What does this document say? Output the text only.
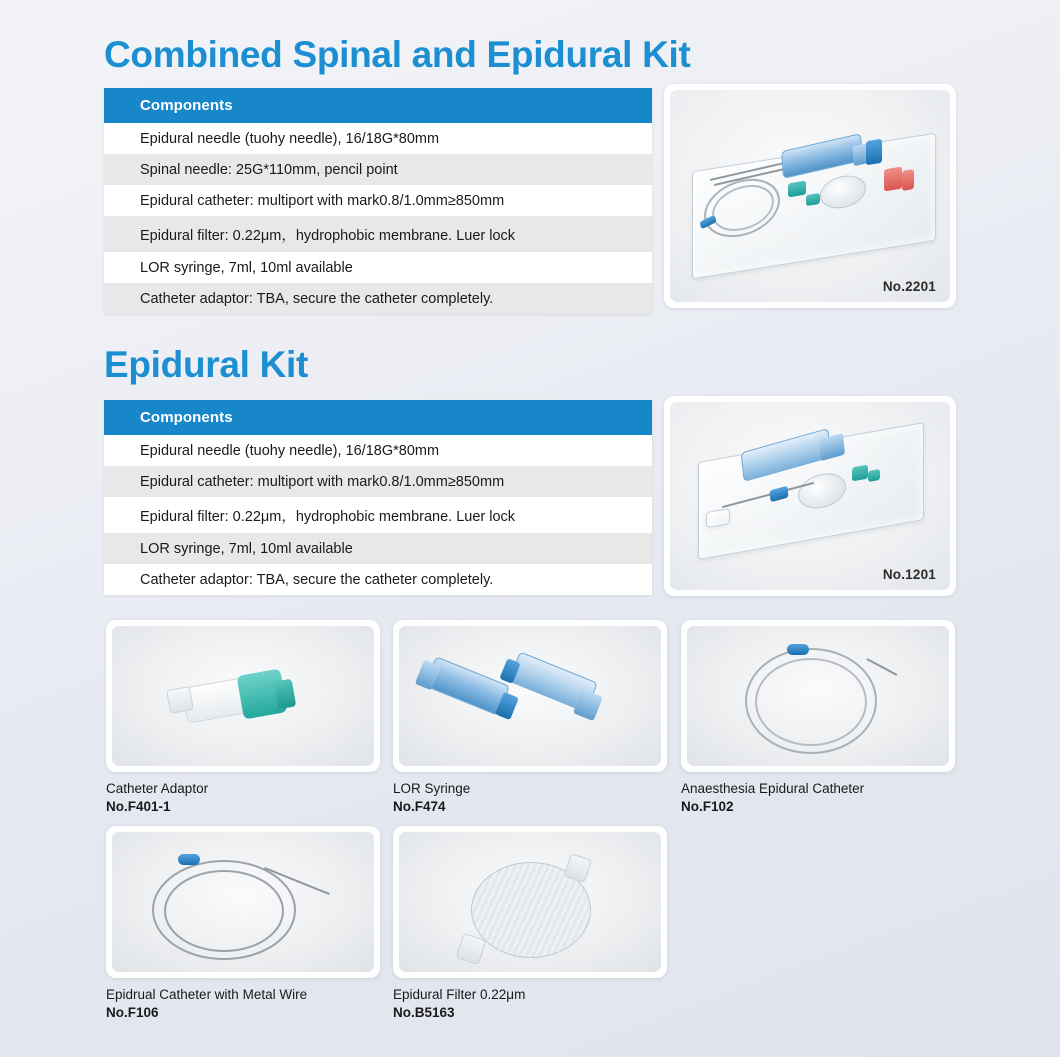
Combined Spinal and Epidural Kit
Components
Epidural needle (tuohy needle), 16/18G*80mm
Spinal needle: 25G*110mm, pencil point
Epidural catheter: multiport with mark0.8/1.0mm≥850mm
Epidural filter: 0.22μm，hydrophobic membrane. Luer lock
LOR syringe, 7ml, 10ml available
Catheter adaptor: TBA, secure the catheter completely.
No.2201
Epidural Kit
Components
Epidural needle (tuohy needle), 16/18G*80mm
Epidural catheter: multiport with mark0.8/1.0mm≥850mm
Epidural filter: 0.22μm，hydrophobic membrane. Luer lock
LOR syringe, 7ml, 10ml available
Catheter adaptor: TBA, secure the catheter completely.	No.1201
Catheter Adaptor
No.F401-1
LOR Syringe
No.F474
Anaesthesia Epidural Catheter
No.F102
Epidrual Catheter with Metal Wire
No.F106
Epidural Filter 0.22μm
No.B5163
